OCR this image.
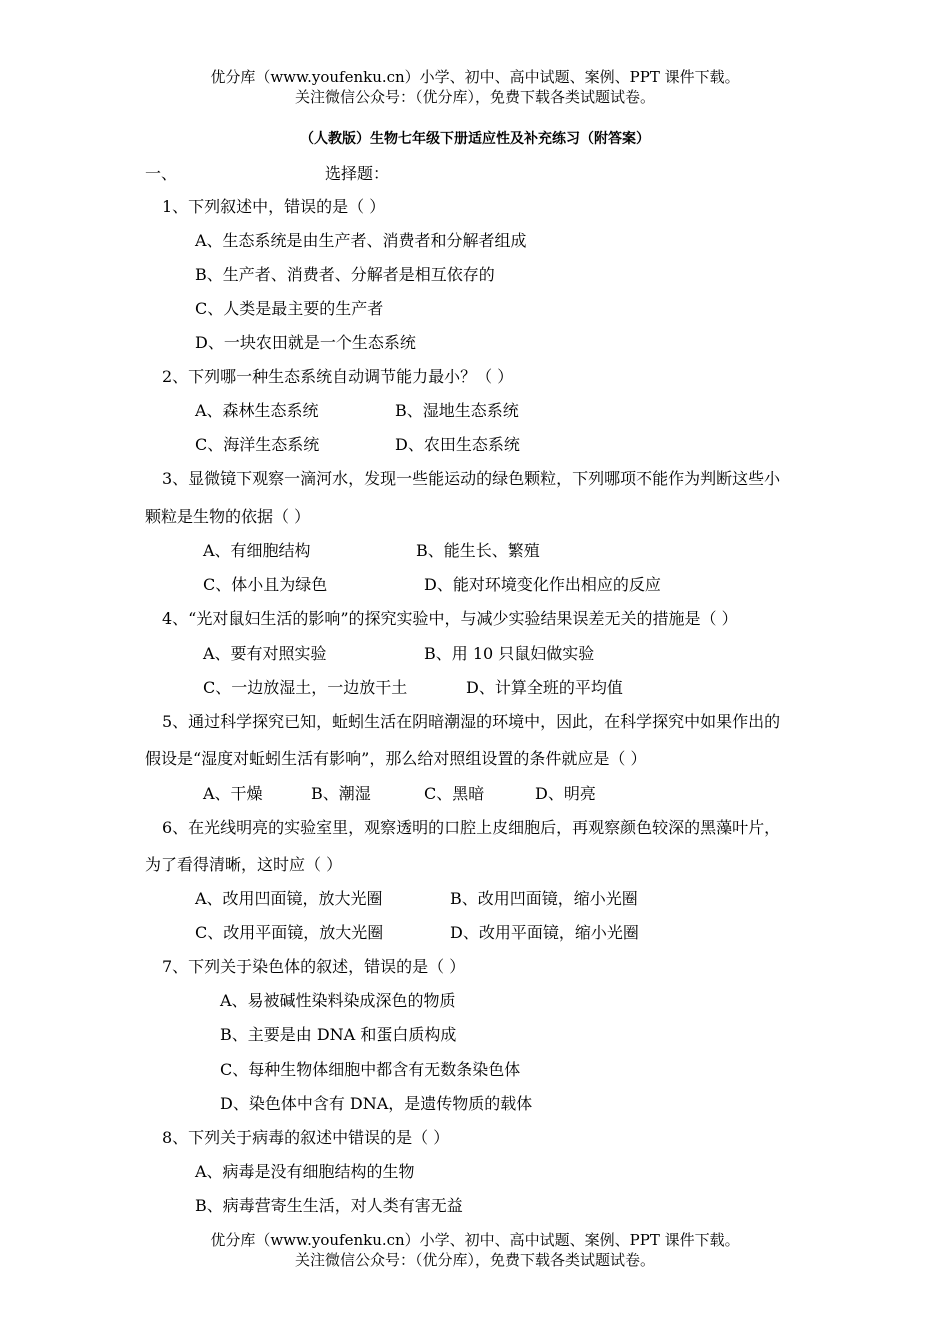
优分库（www.youfenku.cn）小学、初中、高中试题、案例、PPT 课件下载。
关注微信公众号：（优分库），免费下载各类试题试卷。
（人教版）生物七年级下册适应性及补充练习（附答案）
一、	选择题：
1、下列叙述中，错误的是（ ）
A、生态系统是由生产者、消费者和分解者组成
B、生产者、消费者、分解者是相互依存的
C、人类是最主要的生产者
D、一块农田就是一个生态系统
2、下列哪一种生态系统自动调节能力最小？（ ）
A、森林生态系统	B、湿地生态系统
C、海洋生态系统	D、农田生态系统
3、显微镜下观察一滴河水，发现一些能运动的绿色颗粒，下列哪项不能作为判断这些小
颗粒是生物的依据（ ）
A、有细胞结构	B、能生长、繁殖
C、体小且为绿色	D、能对环境变化作出相应的反应
4、“光对鼠妇生活的影响”的探究实验中，与减少实验结果误差无关的措施是（ ）
A、要有对照实验	B、用 10 只鼠妇做实验
C、一边放湿土，一边放干土	D、计算全班的平均值
5、通过科学探究已知，蚯蚓生活在阴暗潮湿的环境中，因此，在科学探究中如果作出的
假设是“湿度对蚯蚓生活有影响”，那么给对照组设置的条件就应是（ ）
A、干燥	B、潮湿	C、黑暗	D、明亮
6、在光线明亮的实验室里，观察透明的口腔上皮细胞后，再观察颜色较深的黑藻叶片，
为了看得清晰，这时应（ ）
A、改用凹面镜，放大光圈	B、改用凹面镜，缩小光圈
C、改用平面镜，放大光圈	D、改用平面镜，缩小光圈
7、下列关于染色体的叙述，错误的是（ ）
A、易被碱性染料染成深色的物质
B、主要是由 DNA 和蛋白质构成
C、每种生物体细胞中都含有无数条染色体
D、染色体中含有 DNA，是遗传物质的载体
8、下列关于病毒的叙述中错误的是（ ）
A、病毒是没有细胞结构的生物
B、病毒营寄生生活，对人类有害无益
优分库（www.youfenku.cn）小学、初中、高中试题、案例、PPT 课件下载。
关注微信公众号：（优分库），免费下载各类试题试卷。
